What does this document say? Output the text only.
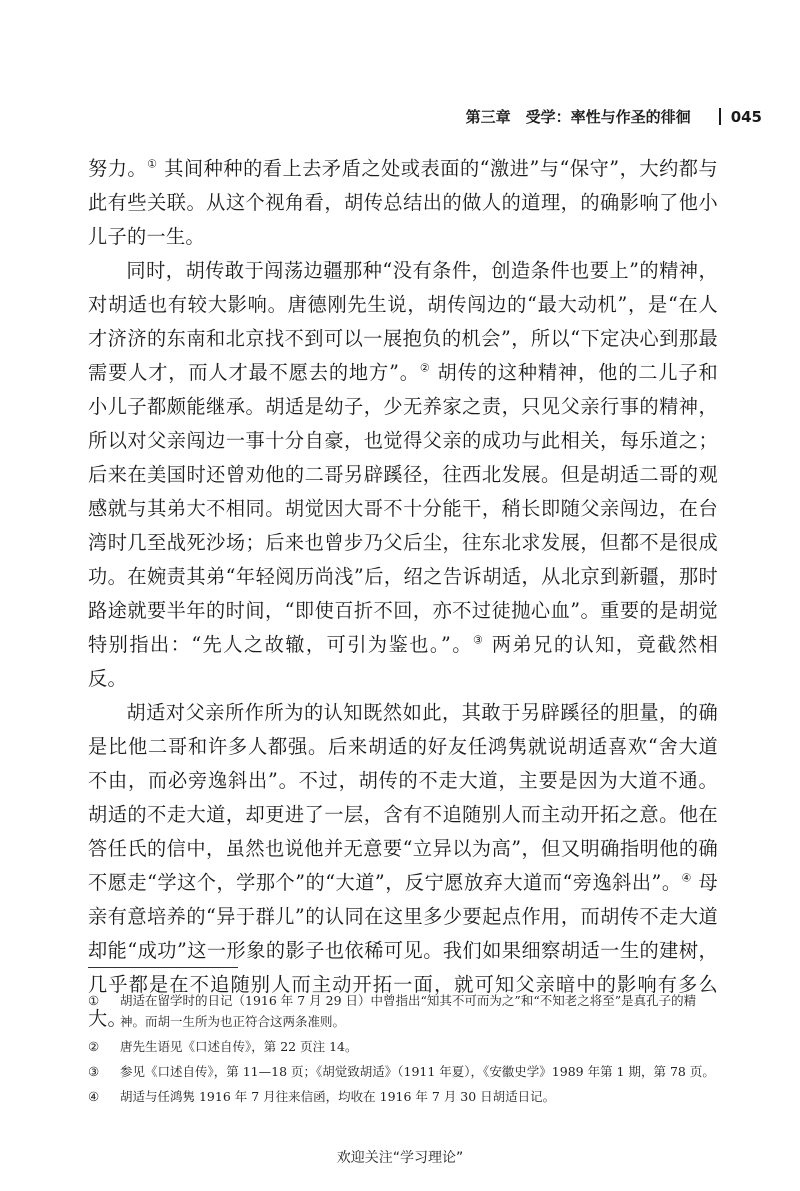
第三章　受学：率性与作圣的徘徊	045

努力。① 其间种种的看上去矛盾之处或表面的“激进”与“保守”，大约都与此有些关联。从这个视角看，胡传总结出的做人的道理，的确影响了他小儿子的一生。

同时，胡传敢于闯荡边疆那种“没有条件，创造条件也要上”的精神，对胡适也有较大影响。唐德刚先生说，胡传闯边的“最大动机”，是“在人才济济的东南和北京找不到可以一展抱负的机会”，所以“下定决心到那最需要人才，而人才最不愿去的地方”。② 胡传的这种精神，他的二儿子和小儿子都颇能继承。胡适是幼子，少无养家之责，只见父亲行事的精神，所以对父亲闯边一事十分自豪，也觉得父亲的成功与此相关，每乐道之；后来在美国时还曾劝他的二哥另辟蹊径，往西北发展。但是胡适二哥的观感就与其弟大不相同。胡觉因大哥不十分能干，稍长即随父亲闯边，在台湾时几至战死沙场；后来也曾步乃父后尘，往东北求发展，但都不是很成功。在婉责其弟“年轻阅历尚浅”后，绍之告诉胡适，从北京到新疆，那时路途就要半年的时间，“即使百折不回，亦不过徒抛心血”。重要的是胡觉特别指出：“先人之故辙，可引为鉴也。”。③ 两弟兄的认知，竟截然相反。

胡适对父亲所作所为的认知既然如此，其敢于另辟蹊径的胆量，的确是比他二哥和许多人都强。后来胡适的好友任鸿隽就说胡适喜欢“舍大道不由，而必旁逸斜出”。不过，胡传的不走大道，主要是因为大道不通。胡适的不走大道，却更进了一层，含有不追随别人而主动开拓之意。他在答任氏的信中，虽然也说他并无意要“立异以为高”，但又明确指明他的确不愿走“学这个，学那个”的“大道”，反宁愿放弃大道而“旁逸斜出”。④ 母亲有意培养的“异于群儿”的认同在这里多少要起点作用，而胡传不走大道却能“成功”这一形象的影子也依稀可见。我们如果细察胡适一生的建树，几乎都是在不追随别人而主动开拓一面，就可知父亲暗中的影响有多么大。

①	胡适在留学时的日记（1916 年 7 月 29 日）中曾指出“知其不可而为之”和“不知老之将至”是真孔子的精神。而胡一生所为也正符合这两条准则。
②	唐先生语见《口述自传》，第 22 页注 14。
③	参见《口述自传》，第 11—18 页；《胡觉致胡适》（1911 年夏），《安徽史学》1989 年第 1 期，第 78 页。
④	胡适与任鸿隽 1916 年 7 月往来信函，均收在 1916 年 7 月 30 日胡适日记。
欢迎关注“学习理论”
